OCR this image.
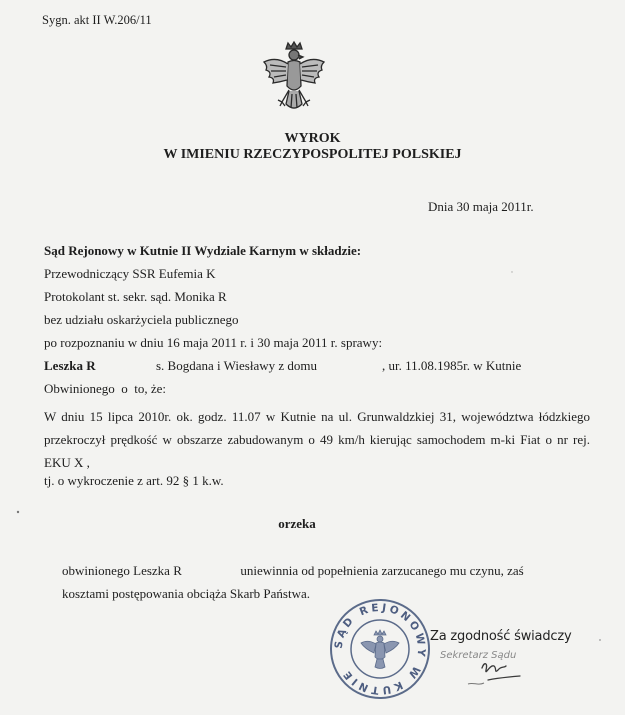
Sygn. akt II W.206/11
WYROK
W IMIENIU RZECZYPOSPOLITEJ POLSKIEJ
Dnia 30 maja 2011r.
Sąd Rejonowy w Kutnie II Wydziale Karnym w składzie:
Przewodniczący SSR Eufemia K
Protokolant st. sekr. sąd. Monika R
bez udziału oskarżyciela publicznego
po rozpoznaniu w dniu 16 maja 2011 r. i 30 maja 2011 r. sprawy:
Leszka R	s. Bogdana i Wiesławy z domu                    , ur. 11.08.1985r. w Kutnie
Obwinionego  o  to, że:
W dniu 15 lipca 2010r. ok. godz. 11.07 w Kutnie na ul. Grunwaldzkiej 31, województwa łódzkiego przekroczył prędkość w obszarze zabudowanym o 49 km/h kierując samochodem m-ki Fiat o nr rej. EKU X ,
tj. o wykroczenie z art. 92 § 1 k.w.
orzeka
obwinionego Leszka R                  uniewinnia od popełnienia zarzucanego mu czynu, zaś
kosztami postępowania obciąża Skarb Państwa.
SĄD REJONOWY W KUTNIE
Za zgodność świadczy
Sekretarz Sądu
